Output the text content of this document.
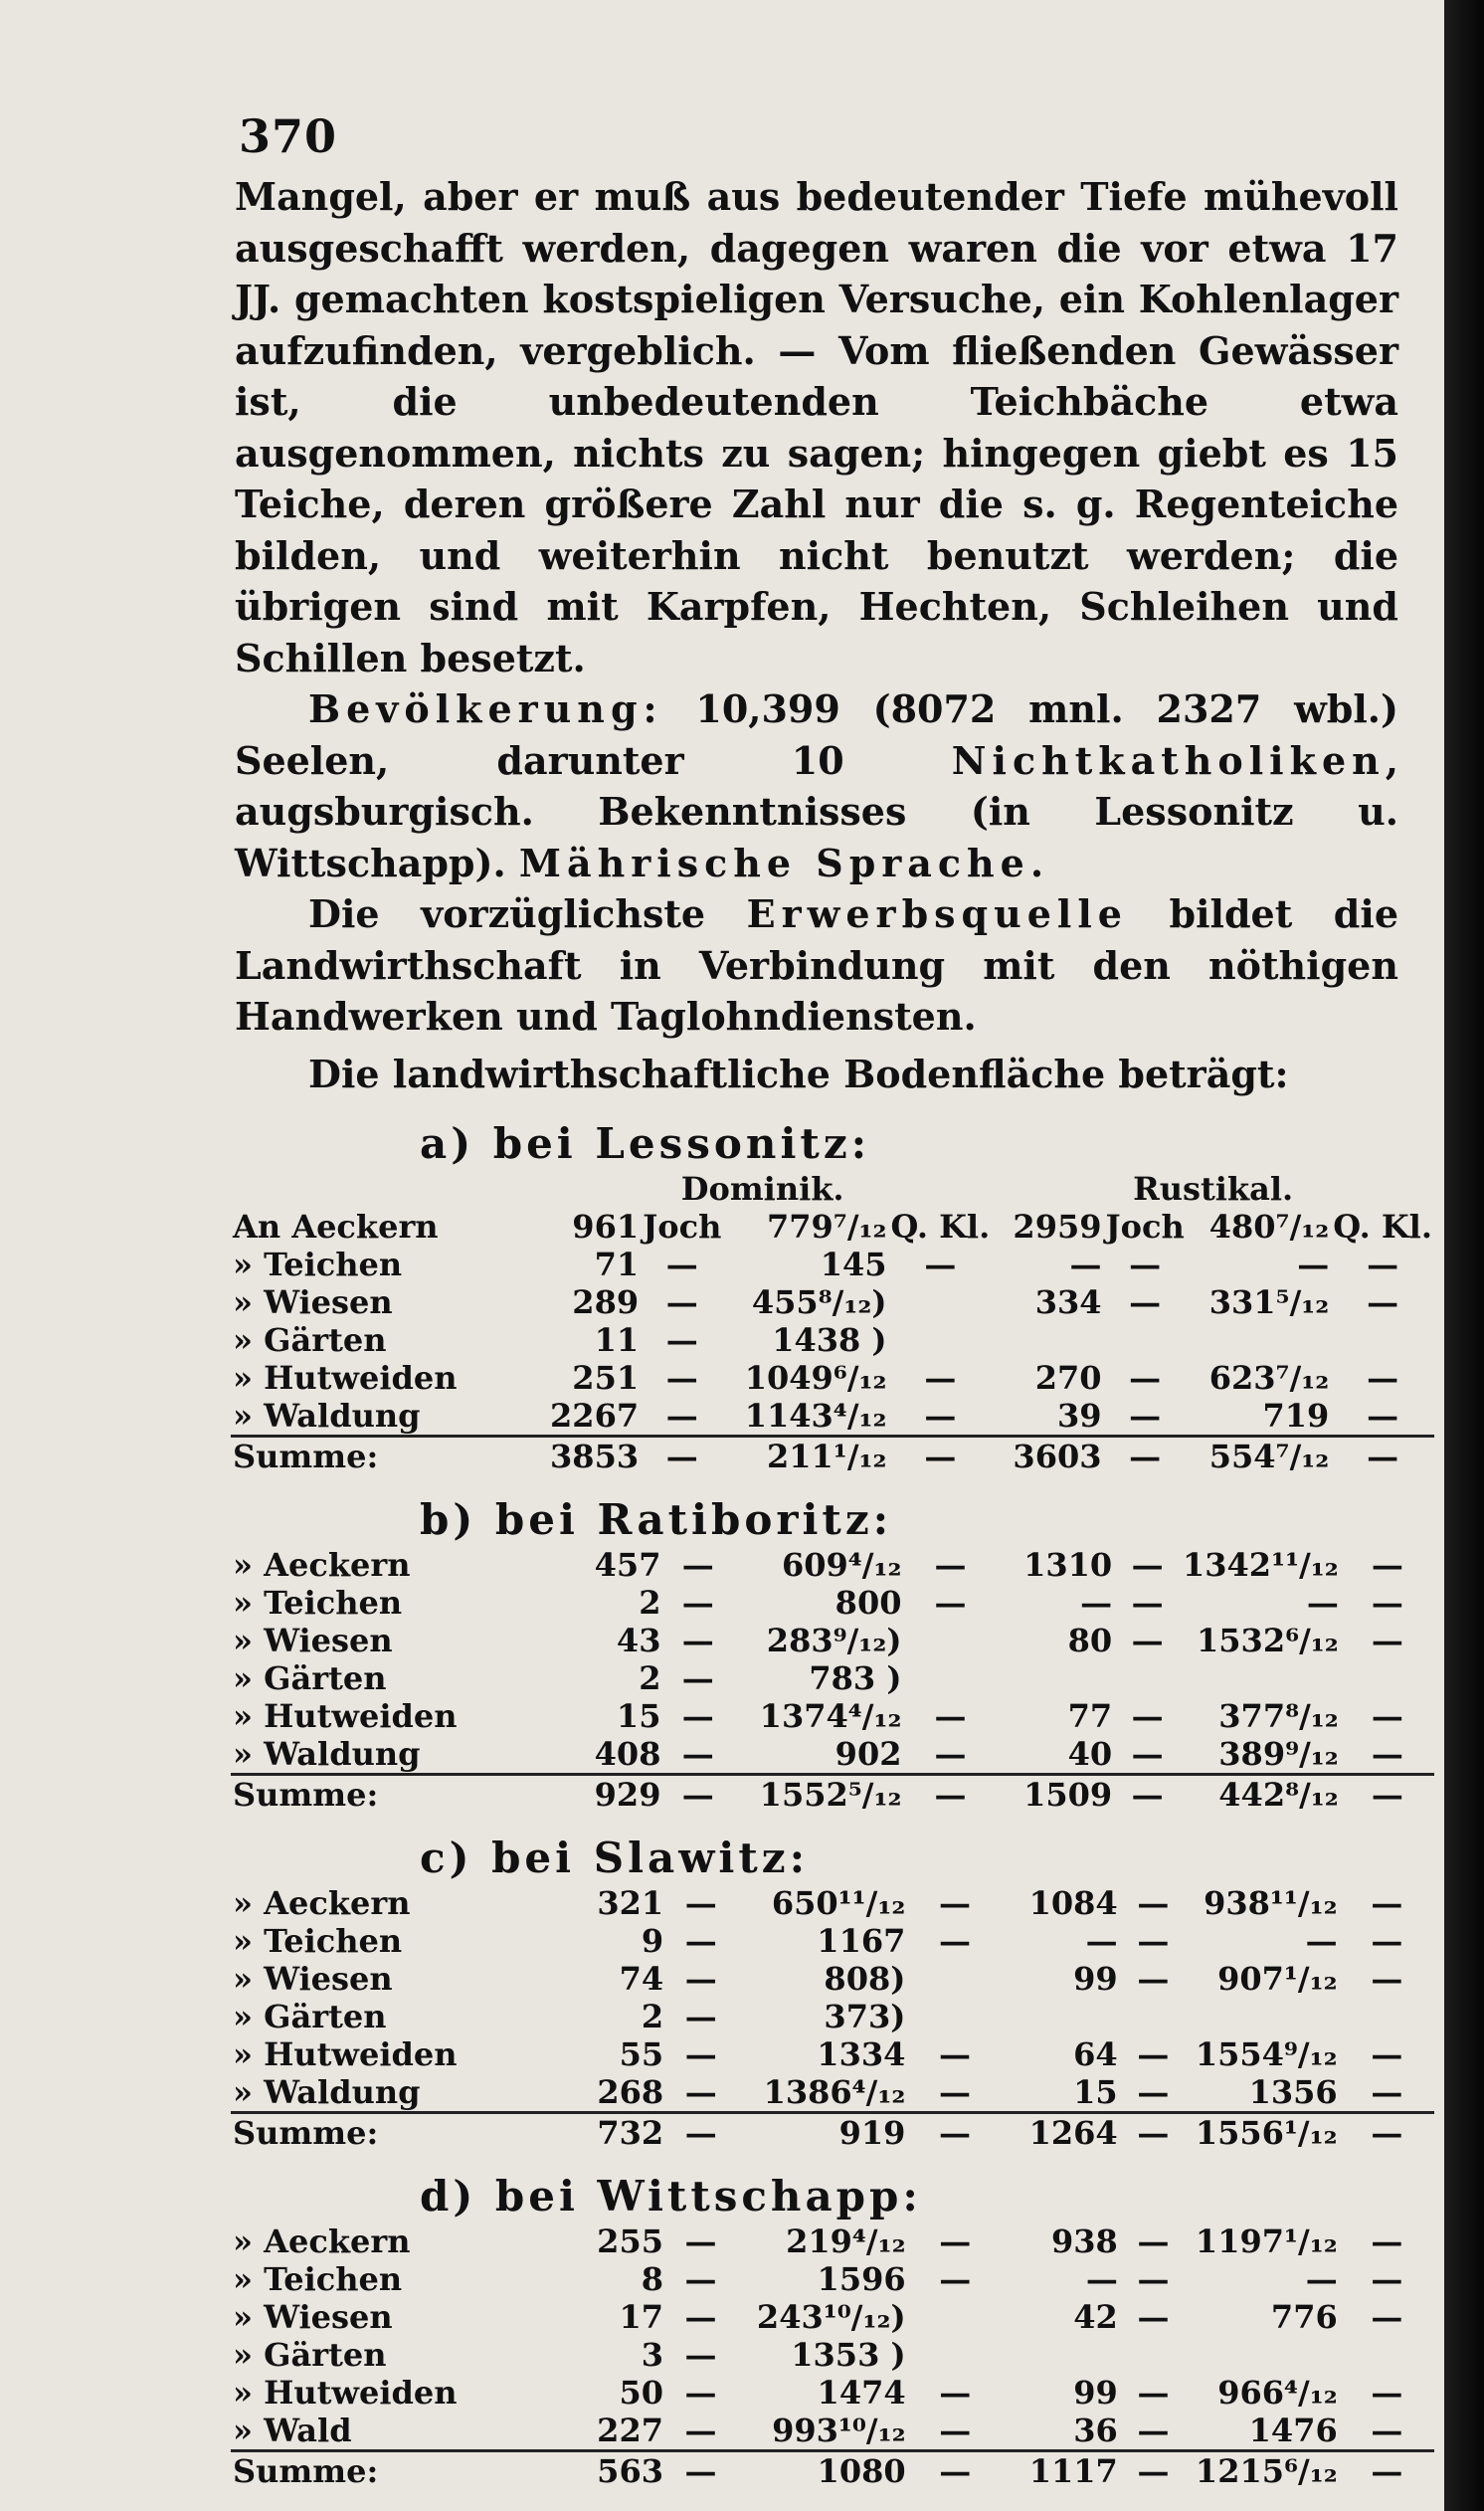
370

Mangel, aber er muß aus bedeutender Tiefe mühevoll ausgeschafft werden, dagegen waren die vor etwa 17 JJ. gemachten kostspieligen Versuche, ein Kohlenlager aufzufinden, vergeblich. — Vom fließenden Gewässer ist, die unbedeutenden Teichbäche etwa ausgenommen, nichts zu sagen; hingegen giebt es 15 Teiche, deren größere Zahl nur die s. g. Regenteiche bilden, und weiterhin nicht benutzt werden; die übrigen sind mit Karpfen, Hechten, Schleihen und Schillen besetzt.

Bevölkerung: 10,399 (8072 mnl. 2327 wbl.) Seelen, darunter 10 Nichtkatholiken, augsburgisch. Bekenntnisses (in Lessonitz u. Wittschapp). Mährische Sprache.

Die vorzüglichste Erwerbsquelle bildet die Landwirthschaft in Verbindung mit den nöthigen Handwerken und Taglohndiensten.

Die landwirthschaftliche Bodenfläche beträgt:

a) bei Lessonitz:
	Dominik.				Rustikal.			
An Aeckern	961	Joch	779⁷/₁₂	Q. Kl.	2959	Joch	480⁷/₁₂	Q. Kl.
» Teichen	71	—	145	—	—	—	—	—
» Wiesen	289	—	455⁸/₁₂)		334	—	331⁵/₁₂	—
» Gärten	11	—	1438 )					
» Hutweiden	251	—	1049⁶/₁₂	—	270	—	623⁷/₁₂	—
» Waldung	2267	—	1143⁴/₁₂	—	39	—	719	—
Summe:	3853	—	211¹/₁₂	—	3603	—	554⁷/₁₂	—
b) bei Ratiboritz:
» Aeckern	457	—	609⁴/₁₂	—	1310	—	1342¹¹/₁₂	—
» Teichen	2	—	800	—	—	—	—	—
» Wiesen	43	—	283⁹/₁₂)		80	—	1532⁶/₁₂	—
» Gärten	2	—	783 )					
» Hutweiden	15	—	1374⁴/₁₂	—	77	—	377⁸/₁₂	—
» Waldung	408	—	902	—	40	—	389⁹/₁₂	—
Summe:	929	—	1552⁵/₁₂	—	1509	—	442⁸/₁₂	—
c) bei Slawitz:
» Aeckern	321	—	650¹¹/₁₂	—	1084	—	938¹¹/₁₂	—
» Teichen	9	—	1167	—	—	—	—	—
» Wiesen	74	—	808)		99	—	907¹/₁₂	—
» Gärten	2	—	373)					
» Hutweiden	55	—	1334	—	64	—	1554⁹/₁₂	—
» Waldung	268	—	1386⁴/₁₂	—	15	—	1356	—
Summe:	732	—	919	—	1264	—	1556¹/₁₂	—
d) bei Wittschapp:
» Aeckern	255	—	219⁴/₁₂	—	938	—	1197¹/₁₂	—
» Teichen	8	—	1596	—	—	—	—	—
» Wiesen	17	—	243¹⁰/₁₂)		42	—	776	—
» Gärten	3	—	1353 )					
» Hutweiden	50	—	1474	—	99	—	966⁴/₁₂	—
» Wald	227	—	993¹⁰/₁₂	—	36	—	1476	—
Summe:	563	—	1080	—	1117	—	1215⁶/₁₂	—
